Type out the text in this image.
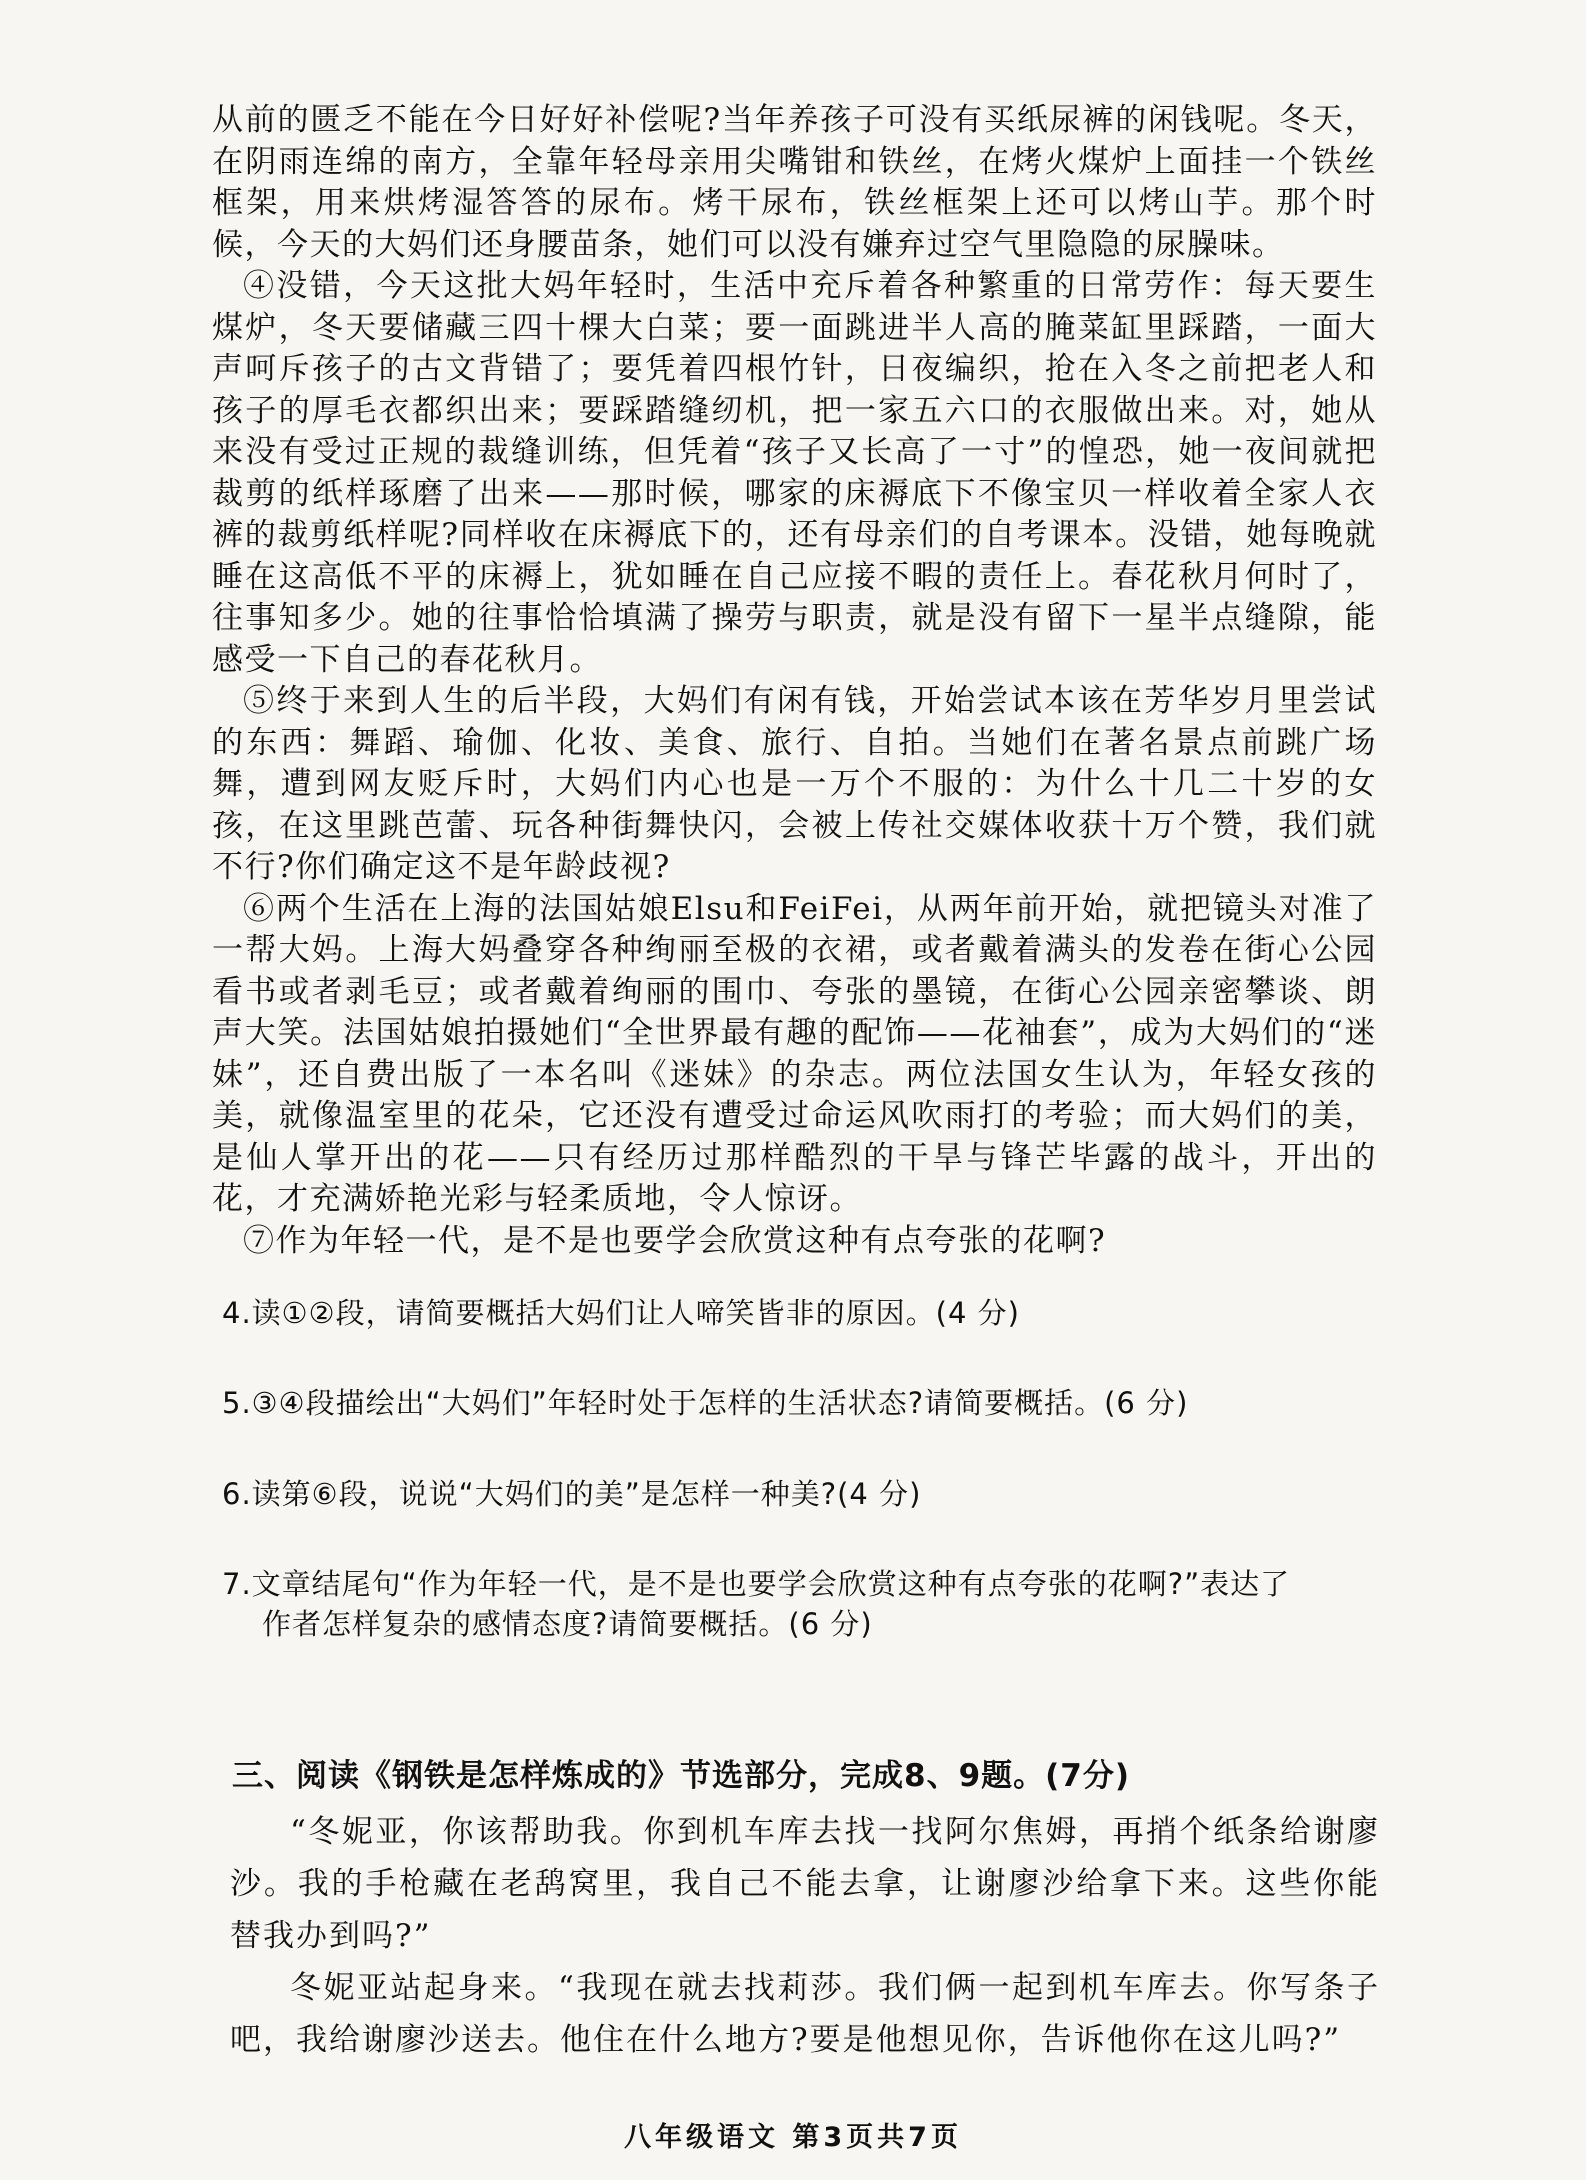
从前的匮乏不能在今日好好补偿呢?当年养孩子可没有买纸尿裤的闲钱呢。冬天，在阴雨连绵的南方，全靠年轻母亲用尖嘴钳和铁丝，在烤火煤炉上面挂一个铁丝框架，用来烘烤湿答答的尿布。烤干尿布，铁丝框架上还可以烤山芋。那个时候，今天的大妈们还身腰苗条，她们可以没有嫌弃过空气里隐隐的尿臊味。

④没错，今天这批大妈年轻时，生活中充斥着各种繁重的日常劳作：每天要生煤炉，冬天要储藏三四十棵大白菜；要一面跳进半人高的腌菜缸里踩踏，一面大声呵斥孩子的古文背错了；要凭着四根竹针，日夜编织，抢在入冬之前把老人和孩子的厚毛衣都织出来；要踩踏缝纫机，把一家五六口的衣服做出来。对，她从来没有受过正规的裁缝训练，但凭着“孩子又长高了一寸”的惶恐，她一夜间就把裁剪的纸样琢磨了出来——那时候，哪家的床褥底下不像宝贝一样收着全家人衣裤的裁剪纸样呢?同样收在床褥底下的，还有母亲们的自考课本。没错，她每晚就睡在这高低不平的床褥上，犹如睡在自己应接不暇的责任上。春花秋月何时了，往事知多少。她的往事恰恰填满了操劳与职责，就是没有留下一星半点缝隙，能感受一下自己的春花秋月。

⑤终于来到人生的后半段，大妈们有闲有钱，开始尝试本该在芳华岁月里尝试的东西：舞蹈、瑜伽、化妆、美食、旅行、自拍。当她们在著名景点前跳广场舞，遭到网友贬斥时，大妈们内心也是一万个不服的：为什么十几二十岁的女孩，在这里跳芭蕾、玩各种街舞快闪，会被上传社交媒体收获十万个赞，我们就不行?你们确定这不是年龄歧视?

⑥两个生活在上海的法国姑娘Elsu和FeiFei，从两年前开始，就把镜头对准了一帮大妈。上海大妈叠穿各种绚丽至极的衣裙，或者戴着满头的发卷在街心公园看书或者剥毛豆；或者戴着绚丽的围巾、夸张的墨镜，在街心公园亲密攀谈、朗声大笑。法国姑娘拍摄她们“全世界最有趣的配饰——花袖套”，成为大妈们的“迷妹”，还自费出版了一本名叫《迷妹》的杂志。两位法国女生认为，年轻女孩的美，就像温室里的花朵，它还没有遭受过命运风吹雨打的考验；而大妈们的美，是仙人掌开出的花——只有经历过那样酷烈的干旱与锋芒毕露的战斗，开出的花，才充满娇艳光彩与轻柔质地，令人惊讶。

⑦作为年轻一代，是不是也要学会欣赏这种有点夸张的花啊?

4.读①②段，请简要概括大妈们让人啼笑皆非的原因。(4 分)

5.③④段描绘出“大妈们”年轻时处于怎样的生活状态?请简要概括。(6 分)

6.读第⑥段，说说“大妈们的美”是怎样一种美?(4 分)

7.文章结尾句“作为年轻一代，是不是也要学会欣赏这种有点夸张的花啊?”表达了
作者怎样复杂的感情态度?请简要概括。(6 分)

三、阅读《钢铁是怎样炼成的》节选部分，完成8、9题。(7分)

“冬妮亚，你该帮助我。你到机车库去找一找阿尔焦姆，再捎个纸条给谢廖沙。我的手枪藏在老鸹窝里，我自己不能去拿，让谢廖沙给拿下来。这些你能替我办到吗?”

冬妮亚站起身来。“我现在就去找莉莎。我们俩一起到机车库去。你写条子吧，我给谢廖沙送去。他住在什么地方?要是他想见你，告诉他你在这儿吗?”

八年级语文 第3页共7页
